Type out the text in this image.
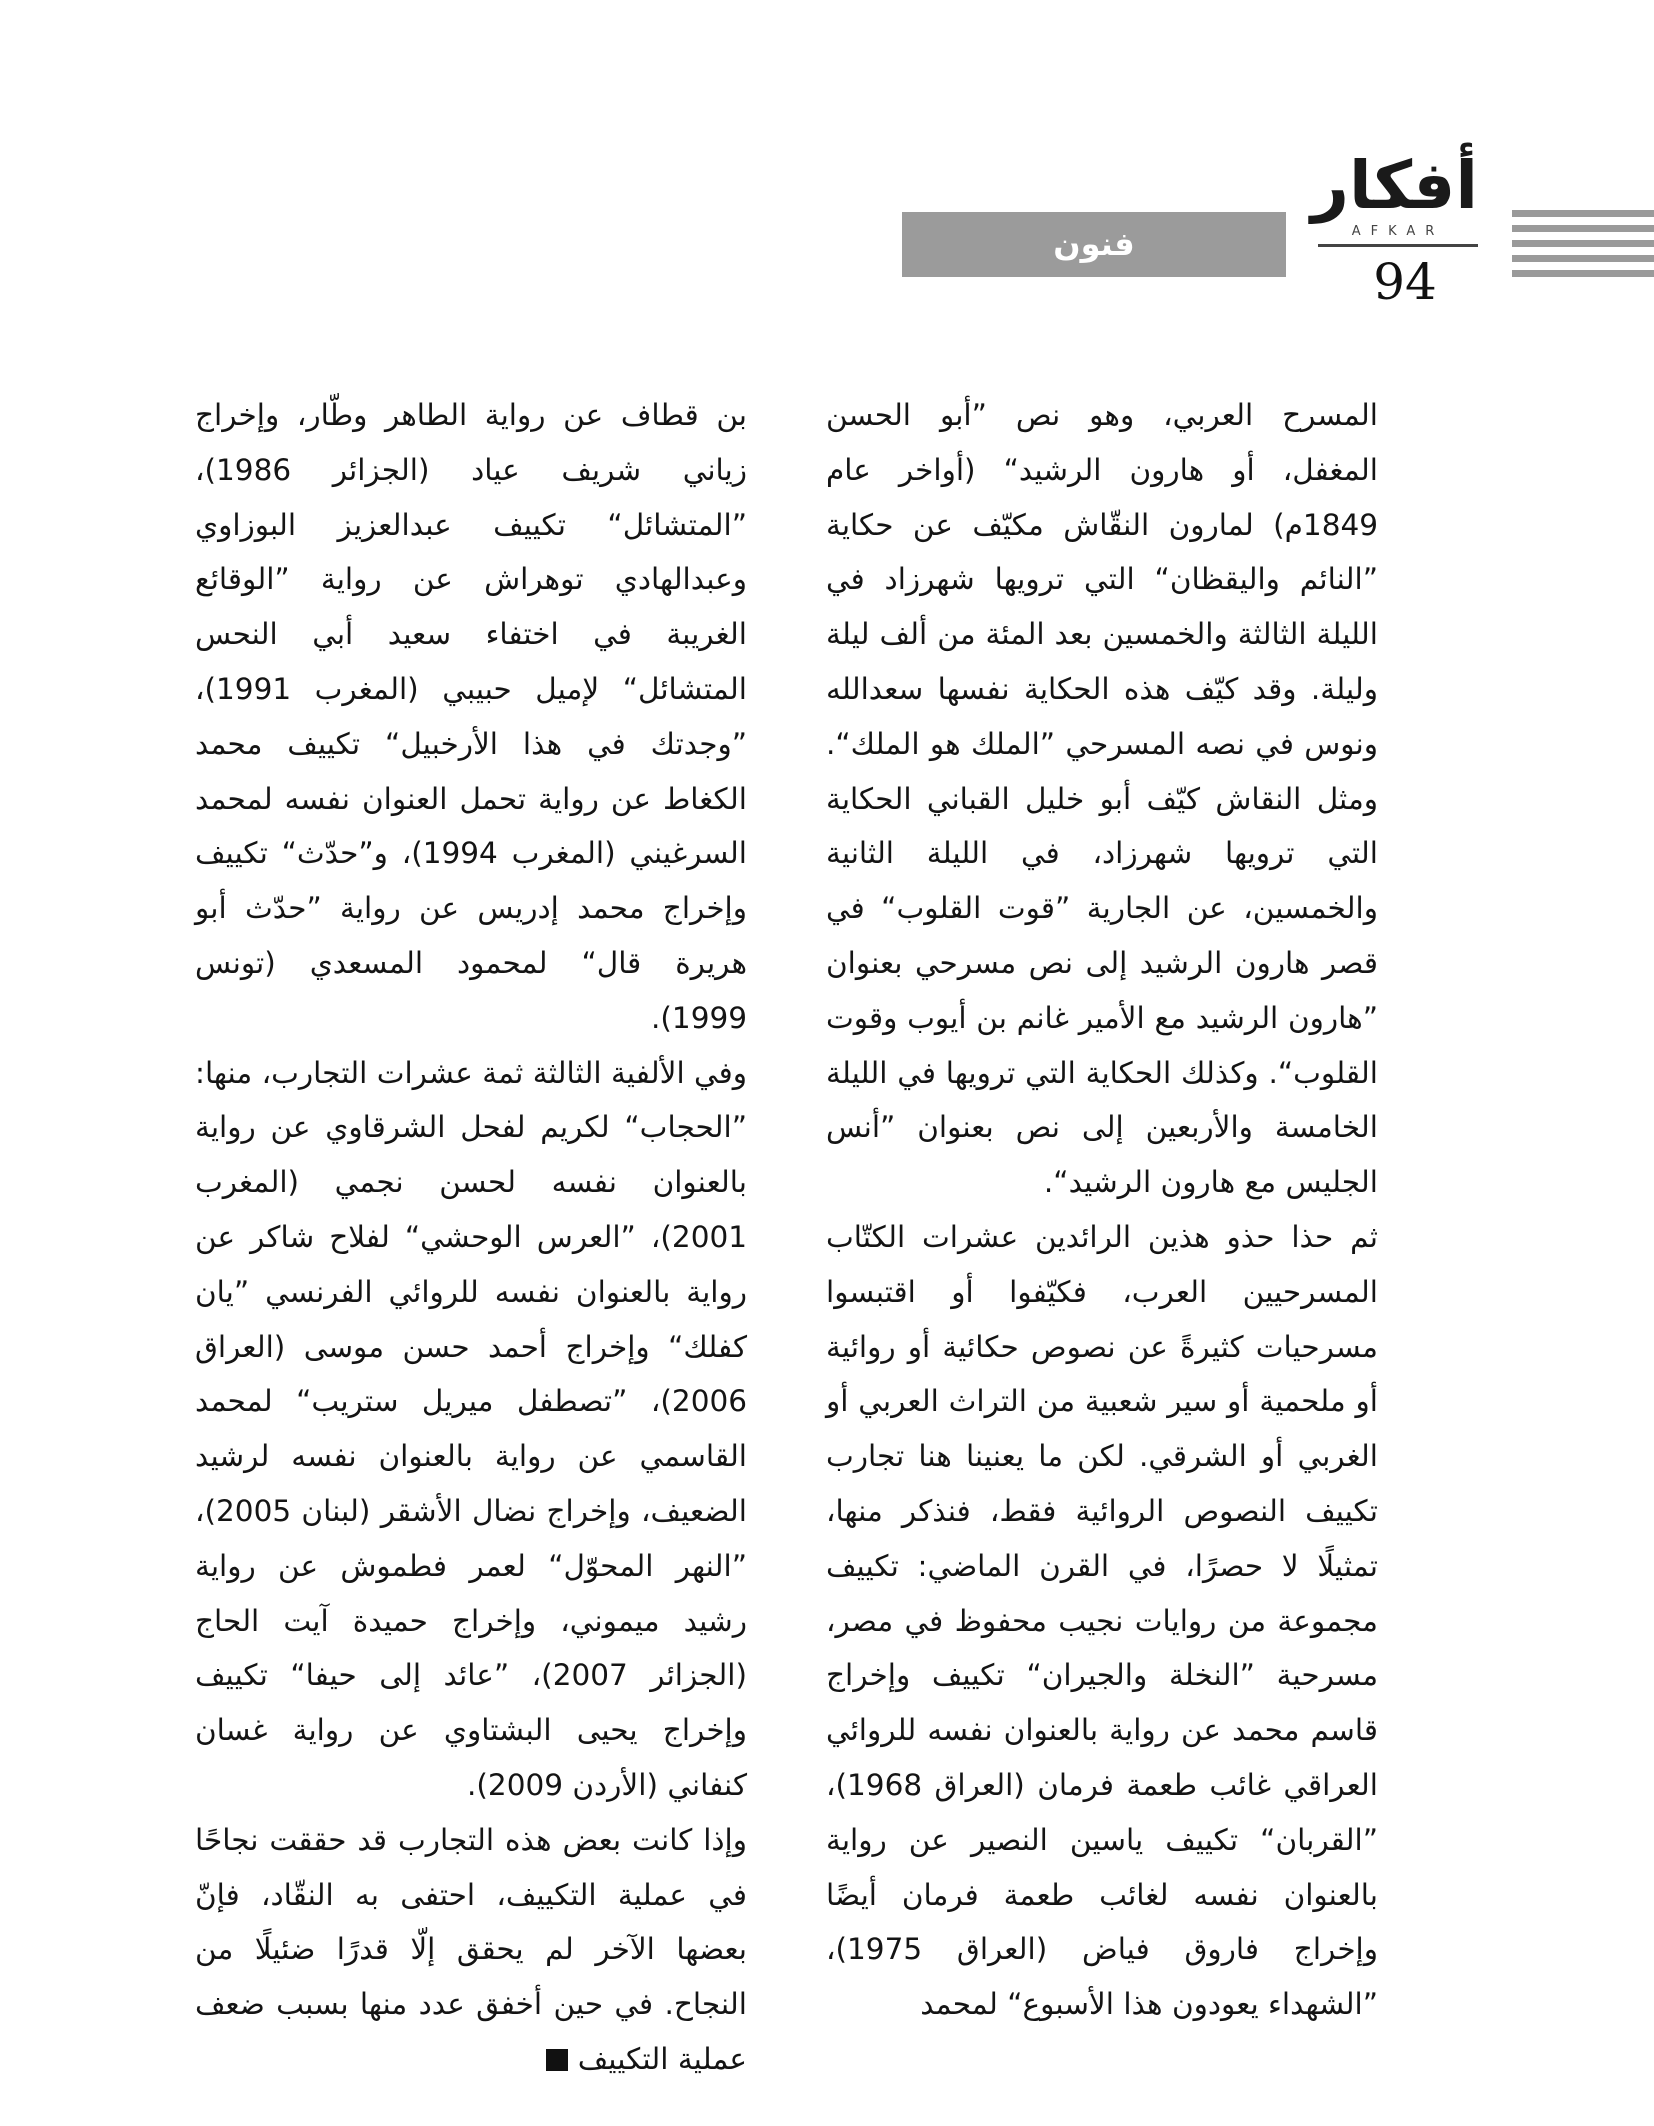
أفكار
AFKAR
94
فنون

المسرح العربي، وهو نص ”أبو الحسن المغفل، أو هارون الرشيد“ (أواخر عام 1849م) لمارون النقّاش مكيّف عن حكاية ”النائم واليقظان“ التي ترويها شهرزاد في الليلة الثالثة والخمسين بعد المئة من ألف ليلة وليلة. وقد كيّف هذه الحكاية نفسها سعدالله ونوس في نصه المسرحي ”الملك هو الملك“. ومثل النقاش كيّف أبو خليل القباني الحكاية التي ترويها شهرزاد، في الليلة الثانية والخمسين، عن الجارية ”قوت القلوب“ في قصر هارون الرشيد إلى نص مسرحي بعنوان ”هارون الرشيد مع الأمير غانم بن أيوب وقوت القلوب“. وكذلك الحكاية التي ترويها في الليلة الخامسة والأربعين إلى نص بعنوان ”أنس الجليس مع هارون الرشيد“.

ثم حذا حذو هذين الرائدين عشرات الكتّاب المسرحيين العرب، فكيّفوا أو اقتبسوا مسرحيات كثيرةً عن نصوص حكائية أو روائية أو ملحمية أو سير شعبية من التراث العربي أو الغربي أو الشرقي. لكن ما يعنينا هنا تجارب تكييف النصوص الروائية فقط، فنذكر منها، تمثيلًا لا حصرًا، في القرن الماضي: تكييف مجموعة من روايات نجيب محفوظ في مصر، مسرحية ”النخلة والجيران“ تكييف وإخراج قاسم محمد عن رواية بالعنوان نفسه للروائي العراقي غائب طعمة فرمان (العراق 1968)، ”القربان“ تكييف ياسين النصير عن رواية بالعنوان نفسه لغائب طعمة فرمان أيضًا وإخراج فاروق فياض (العراق 1975)، ”الشهداء يعودون هذا الأسبوع“ لمحمد

بن قطاف عن رواية الطاهر وطّار، وإخراج زياني شريف عياد (الجزائر 1986)، ”المتشائل“ تكييف عبدالعزيز البوزاوي وعبدالهادي توهراش عن رواية ”الوقائع الغريبة في اختفاء سعيد أبي النحس المتشائل“ لإميل حبيبي (المغرب 1991)، ”وجدتك في هذا الأرخبيل“ تكييف محمد الكغاط عن رواية تحمل العنوان نفسه لمحمد السرغيني (المغرب 1994)، و”حدّث“ تكييف وإخراج محمد إدريس عن رواية ”حدّث أبو هريرة قال“ لمحمود المسعدي (تونس 1999).

وفي الألفية الثالثة ثمة عشرات التجارب، منها: ”الحجاب“ لكريم لفحل الشرقاوي عن رواية بالعنوان نفسه لحسن نجمي (المغرب 2001)، ”العرس الوحشي“ لفلاح شاكر عن رواية بالعنوان نفسه للروائي الفرنسي ”يان كفلك“ وإخراج أحمد حسن موسى (العراق 2006)، ”تصطفل ميريل ستريب“ لمحمد القاسمي عن رواية بالعنوان نفسه لرشيد الضعيف، وإخراج نضال الأشقر (لبنان 2005)، ”النهر المحوّل“ لعمر فطموش عن رواية رشيد ميموني، وإخراج حميدة آيت الحاج (الجزائر 2007)، ”عائد إلى حيفا“ تكييف وإخراج يحيى البشتاوي عن رواية غسان كنفاني (الأردن 2009).

وإذا كانت بعض هذه التجارب قد حققت نجاحًا في عملية التكييف، احتفى به النقّاد، فإنّ بعضها الآخر لم يحقق إلّا قدرًا ضئيلًا من النجاح. في حين أخفق عدد منها بسبب ضعف عملية التكييف
